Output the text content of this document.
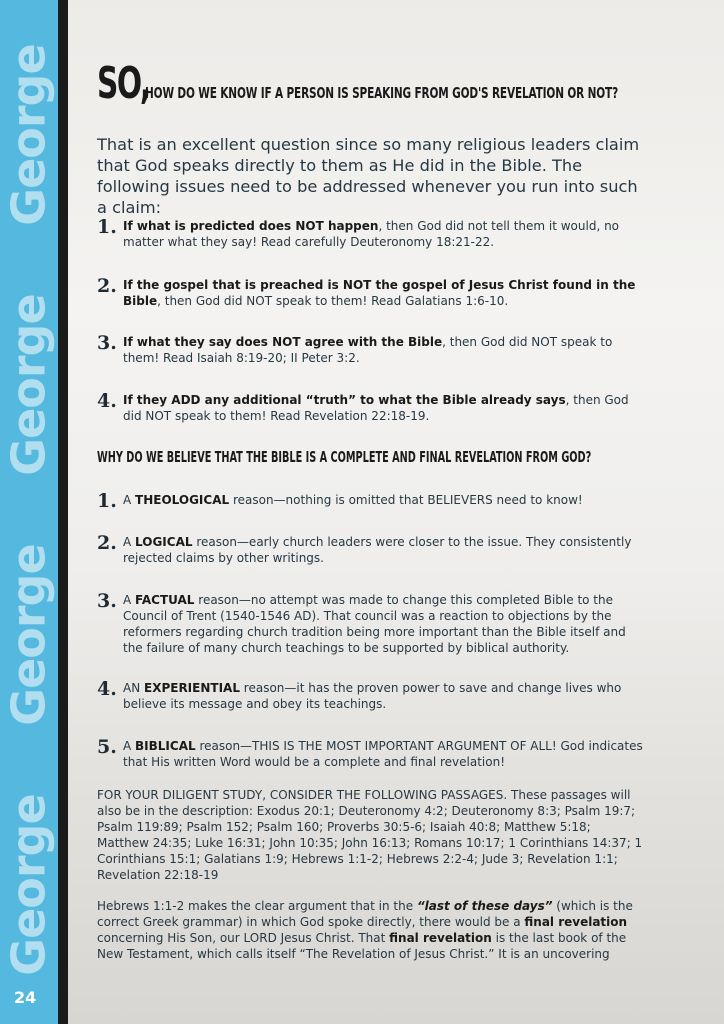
George
George
George
George
24
SO,
HOW DO WE KNOW IF A PERSON IS SPEAKING FROM GOD'S REVELATION OR NOT?

That is an excellent question since so many religious leaders claim that God speaks directly to them as He did in the Bible. The following issues need to be addressed whenever you run into such a claim:

1. If what is predicted does NOT happen, then God did not tell them it would, no matter what they say! Read carefully Deuteronomy 18:21-22.
2. If the gospel that is preached is NOT the gospel of Jesus Christ found in the Bible, then God did NOT speak to them! Read Galatians 1:6-10.
3. If what they say does NOT agree with the Bible, then God did NOT speak to them! Read Isaiah 8:19-20; II Peter 3:2.
4. If they ADD any additional “truth” to what the Bible already says, then God did NOT speak to them! Read Revelation 22:18-19.
WHY DO WE BELIEVE THAT THE BIBLE IS A COMPLETE AND FINAL REVELATION FROM GOD?
1. A THEOLOGICAL reason—nothing is omitted that BELIEVERS need to know!
2. A LOGICAL reason—early church leaders were closer to the issue. They consistently rejected claims by other writings.
3. A FACTUAL reason—no attempt was made to change this completed Bible to the Council of Trent (1540-1546 AD). That council was a reaction to objections by the reformers regarding church tradition being more important than the Bible itself and the failure of many church teachings to be supported by biblical authority.
4. AN EXPERIENTIAL reason—it has the proven power to save and change lives who believe its message and obey its teachings.
5. A BIBLICAL reason—THIS IS THE MOST IMPORTANT ARGUMENT OF ALL! God indicates that His written Word would be a complete and final revelation!

FOR YOUR DILIGENT STUDY, CONSIDER THE FOLLOWING PASSAGES. These passages will also be in the description: Exodus 20:1; Deuteronomy 4:2; Deuteronomy 8:3; Psalm 19:7; Psalm 119:89; Psalm 152; Psalm 160; Proverbs 30:5-6; Isaiah 40:8; Matthew 5:18; Matthew 24:35; Luke 16:31; John 10:35; John 16:13; Romans 10:17; 1 Corinthians 14:37; 1 Corinthians 15:1; Galatians 1:9; Hebrews 1:1-2; Hebrews 2:2-4; Jude 3; Revelation 1:1; Revelation 22:18-19

Hebrews 1:1-2 makes the clear argument that in the “last of these days” (which is the correct Greek grammar) in which God spoke directly, there would be a final revelation concerning His Son, our LORD Jesus Christ. That final revelation is the last book of the New Testament, which calls itself “The Revelation of Jesus Christ.” It is an uncovering
